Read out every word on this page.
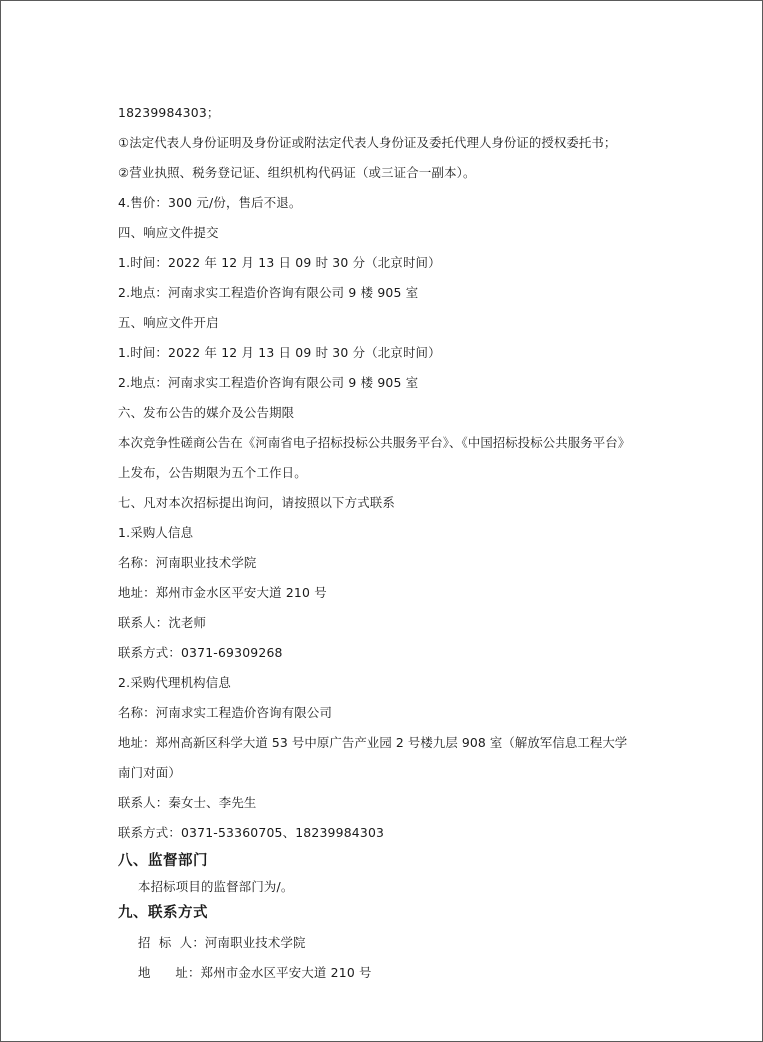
18239984303；
①法定代表人身份证明及身份证或附法定代表人身份证及委托代理人身份证的授权委托书；
②营业执照、税务登记证、组织机构代码证（或三证合一副本）。
4.售价：300 元/份，售后不退。
四、响应文件提交
1.时间：2022 年 12 月 13 日 09 时 30 分（北京时间）
2.地点：河南求实工程造价咨询有限公司 9 楼 905 室
五、响应文件开启
1.时间：2022 年 12 月 13 日 09 时 30 分（北京时间）
2.地点：河南求实工程造价咨询有限公司 9 楼 905 室
六、发布公告的媒介及公告期限
本次竞争性磋商公告在《河南省电子招标投标公共服务平台》、《中国招标投标公共服务平台》
上发布，公告期限为五个工作日。
七、凡对本次招标提出询问，请按照以下方式联系
1.采购人信息
名称：河南职业技术学院
地址：郑州市金水区平安大道 210 号
联系人：沈老师
联系方式：0371-69309268
2.采购代理机构信息
名称：河南求实工程造价咨询有限公司
地址：郑州高新区科学大道 53 号中原广告产业园 2 号楼九层 908 室（解放军信息工程大学
南门对面）
联系人：秦女士、李先生
联系方式：0371-53360705、18239984303
八、监督部门
本招标项目的监督部门为/。
九、联系方式
招  标  人：河南职业技术学院
地      址：郑州市金水区平安大道 210 号
